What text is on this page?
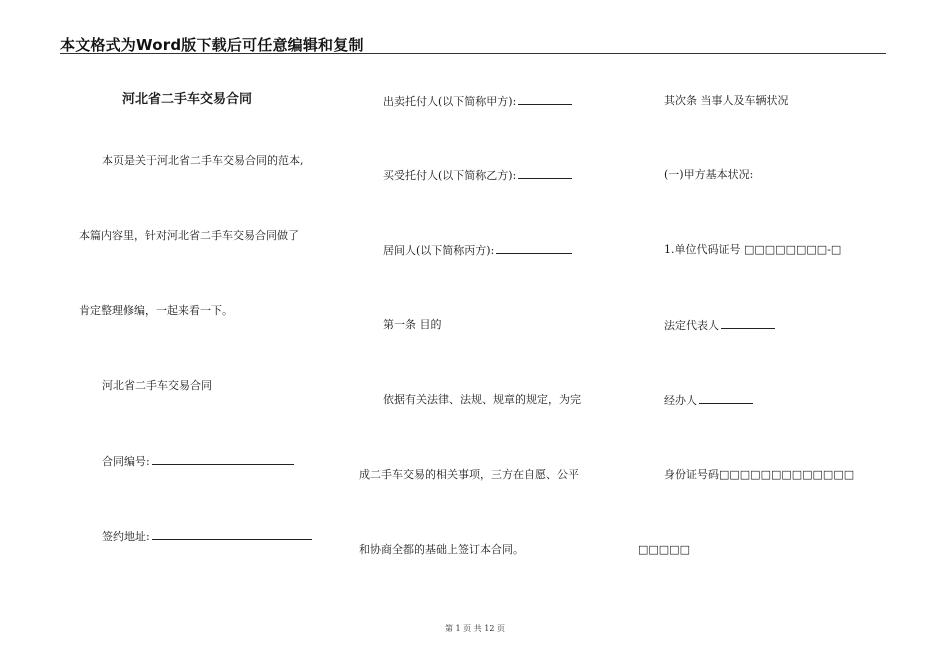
本文格式为Word版下载后可任意编辑和复制
河北省二手车交易合同
本页是关于河北省二手车交易合同的范本,
本篇内容里，针对河北省二手车交易合同做了
肯定整理修编，一起来看一下。
河北省二手车交易合同
合同编号:
签约地址:
出卖托付人(以下简称甲方):
买受托付人(以下简称乙方):
居间人(以下简称丙方):
第一条 目的
依据有关法律、法规、规章的规定，为完
成二手车交易的相关事项，三方在自愿、公平
和协商全都的基础上签订本合同。
其次条 当事人及车辆状况
(一)甲方基本状况:
1.单位代码证号 □□□□□□□□-□
法定代表人
经办人
身份证号码□□□□□□□□□□□□□
□□□□□
第 1 页 共 12 页
